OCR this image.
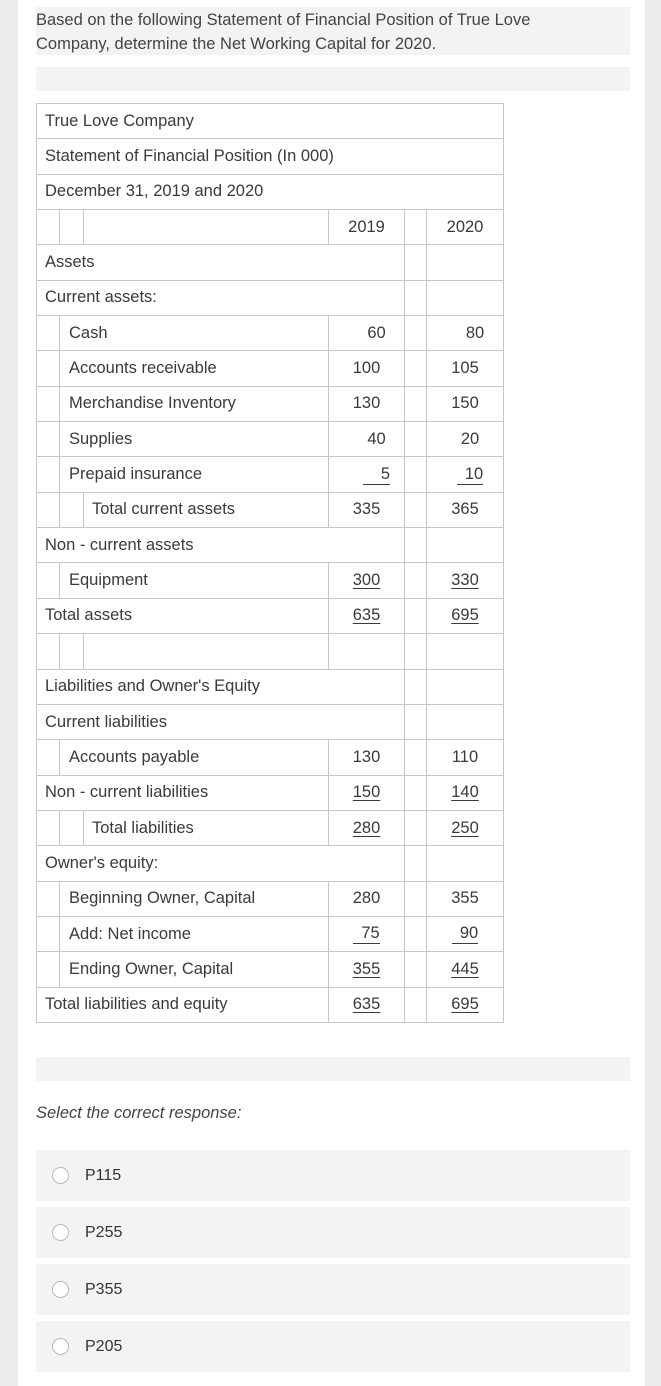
Based on the following Statement of Financial Position of True Love
Company, determine the Net Working Capital for 2020.
True Love Company					
Statement of Financial Position (In 000)					
December 31, 2019 and 2020					
			2019		2020
Assets					
Current assets:					
	Cash		60		80
	Accounts receivable		100		105
	Merchandise Inventory		130		150
	Supplies		40		20
	Prepaid insurance		5		10
		Total current assets	335		365
Non - current assets					
	Equipment		300		330
Total assets			635		695

Liabilities and Owner's Equity					
Current liabilities					
	Accounts payable		130		110
Non - current liabilities			150		140
		Total liabilities	280		250
Owner's equity:					
	Beginning Owner, Capital		280		355
	Add: Net income		75		90
	Ending Owner, Capital		355		445
Total liabilities and equity			635		695
Select the correct response:
P115
P255
P355
P205
